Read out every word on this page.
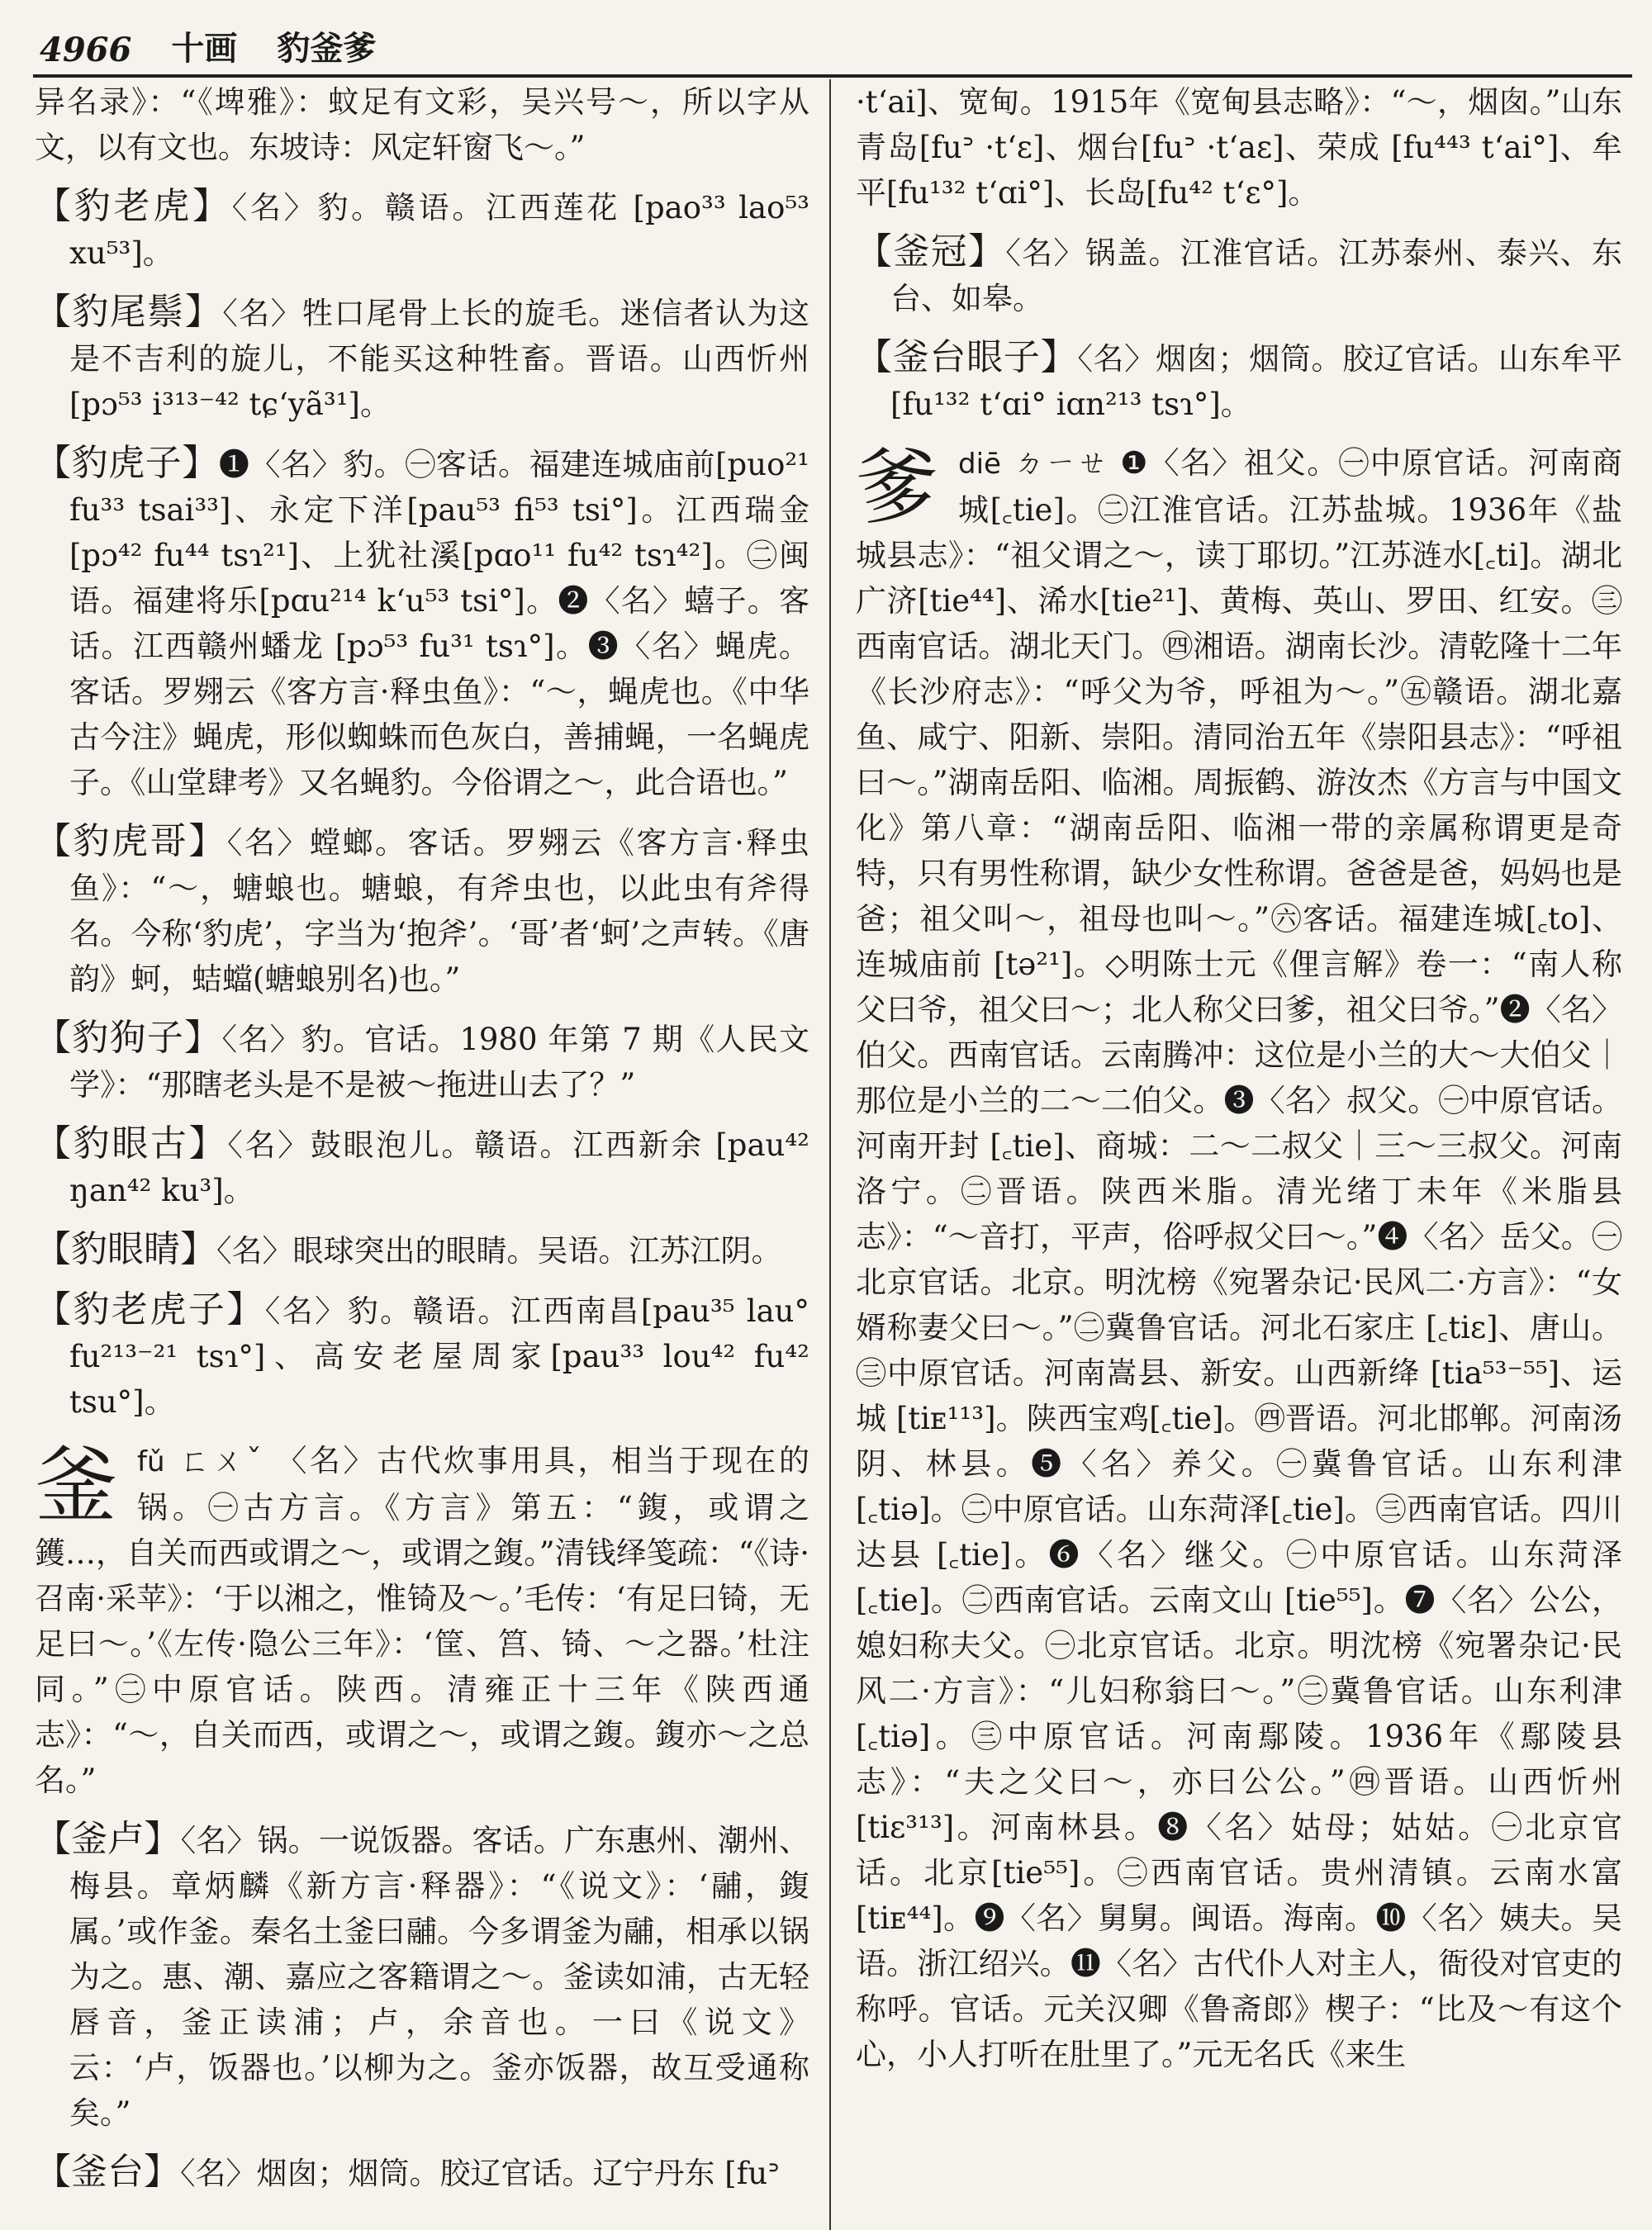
4966 十画 豹釜爹

异名录》：“《埤雅》：蚊足有文彩，吴兴号～，所以字从文，以有文也。东坡诗：风定轩窗飞～。”

【豹老虎】〈名〉豹。赣语。江西莲花 [pao³³ lao⁵³ xu⁵³]。

【豹尾鬃】〈名〉牲口尾骨上长的旋毛。迷信者认为这是不吉利的旋儿，不能买这种牲畜。晋语。山西忻州 [pɔ⁵³ i³¹³⁻⁴² tɕʻyã³¹]。

【豹虎子】❶〈名〉豹。㊀客话。福建连城庙前[puo²¹ fu³³ tsai³³]、永定下洋[pau⁵³ fi⁵³ tsi°]。江西瑞金[pɔ⁴² fu⁴⁴ tsɿ²¹]、上犹社溪[pɑo¹¹ fu⁴² tsɿ⁴²]。㊁闽语。福建将乐[pɑu²¹⁴ kʻu⁵³ tsi°]。❷〈名〉蟢子。客话。江西赣州蟠龙 [pɔ⁵³ fu³¹ tsɿ°]。❸〈名〉蝇虎。客话。罗翙云《客方言·释虫鱼》：“～，蝇虎也。《中华古今注》蝇虎，形似蜘蛛而色灰白，善捕蝇，一名蝇虎子。《山堂肆考》又名蝇豹。今俗谓之～，此合语也。”

【豹虎哥】〈名〉螳螂。客话。罗翙云《客方言·释虫鱼》：“～，螗蜋也。螗蜋，有斧虫也，以此虫有斧得名。今称‘豹虎’，字当为‘抱斧’。‘哥’者‘蚵’之声转。《唐韵》蚵，蛣蟷(螗蜋别名)也。”

【豹狗子】〈名〉豹。官话。1980 年第 7 期《人民文学》：“那瞎老头是不是被～拖进山去了？”

【豹眼古】〈名〉鼓眼泡儿。赣语。江西新余 [pau⁴² ŋan⁴² ku³]。

【豹眼睛】〈名〉眼球突出的眼睛。吴语。江苏江阴。

【豹老虎子】〈名〉豹。赣语。江西南昌[pau³⁵ lau° fu²¹³⁻²¹ tsɿ°]、高安老屋周家[pau³³ lou⁴² fu⁴² tsu°]。

釜 fǔ ㄈㄨˇ 〈名〉古代炊事用具，相当于现在的锅。㊀古方言。《方言》第五：“鍑，或谓之鑊…，自关而西或谓之～，或谓之鍑。”清钱绎笺疏：“《诗·召南·采苹》：‘于以湘之，惟锜及～。’毛传：‘有足曰锜，无足曰～。’《左传·隐公三年》：‘筐、筥、锜、～之器。’杜注同。”㊁中原官话。陕西。清雍正十三年《陕西通志》：“～，自关而西，或谓之～，或谓之鍑。鍑亦～之总名。”

【釜卢】〈名〉锅。一说饭器。客话。广东惠州、潮州、梅县。章炳麟《新方言·释器》：“《说文》：‘鬴，鍑属。’或作釜。秦名土釜曰鬴。今多谓釜为鬴，相承以锅为之。惠、潮、嘉应之客籍谓之～。釜读如浦，古无轻唇音，釜正读浦；卢，余音也。一曰《说文》云：‘卢，饭器也。’以柳为之。釜亦饭器，故互受通称矣。”

【釜台】〈名〉烟囱；烟筒。胶辽官话。辽宁丹东 [fuᐣ

·tʻai]、宽甸。1915年《宽甸县志略》：“～，烟囱。”山东青岛[fuᐣ ·tʻɛ]、烟台[fuᐣ ·tʻaɛ]、荣成 [fu⁴⁴³ tʻai°]、牟平[fu¹³² tʻɑi°]、长岛[fu⁴² tʻɛ°]。

【釜冠】〈名〉锅盖。江淮官话。江苏泰州、泰兴、东台、如皋。

【釜台眼子】〈名〉烟囱；烟筒。胶辽官话。山东牟平 [fu¹³² tʻɑi° iɑn²¹³ tsɿ°]。

爹 diē ㄉㄧㄝ ❶〈名〉祖父。㊀中原官话。河南商城[꜀tie]。㊁江淮官话。江苏盐城。1936年《盐城县志》：“祖父谓之～，读丁耶切。”江苏涟水[꜀ti]。湖北广济[tie⁴⁴]、浠水[tie²¹]、黄梅、英山、罗田、红安。㊂西南官话。湖北天门。㊃湘语。湖南长沙。清乾隆十二年《长沙府志》：“呼父为爷，呼祖为～。”㊄赣语。湖北嘉鱼、咸宁、阳新、崇阳。清同治五年《崇阳县志》：“呼祖曰～。”湖南岳阳、临湘。周振鹤、游汝杰《方言与中国文化》第八章：“湖南岳阳、临湘一带的亲属称谓更是奇特，只有男性称谓，缺少女性称谓。爸爸是爸，妈妈也是爸；祖父叫～，祖母也叫～。”㊅客话。福建连城[꜀to]、连城庙前 [tə²¹]。◇明陈士元《俚言解》卷一：“南人称父曰爷，祖父曰～；北人称父曰爹，祖父曰爷。”❷〈名〉伯父。西南官话。云南腾冲：这位是小兰的大～大伯父｜那位是小兰的二～二伯父。❸〈名〉叔父。㊀中原官话。河南开封 [꜀tie]、商城：二～二叔父｜三～三叔父。河南洛宁。㊁晋语。陕西米脂。清光绪丁未年《米脂县志》：“～音打，平声，俗呼叔父曰～。”❹〈名〉岳父。㊀北京官话。北京。明沈榜《宛署杂记·民风二·方言》：“女婿称妻父曰～。”㊁冀鲁官话。河北石家庄 [꜀tiɛ]、唐山。㊂中原官话。河南嵩县、新安。山西新绛 [tia⁵³⁻⁵⁵]、运城 [tiᴇ¹¹³]。陕西宝鸡[꜀tie]。㊃晋语。河北邯郸。河南汤阴、林县。❺〈名〉养父。㊀冀鲁官话。山东利津[꜀tiə]。㊁中原官话。山东菏泽[꜀tie]。㊂西南官话。四川达县 [꜀tie]。❻〈名〉继父。㊀中原官话。山东菏泽 [꜀tie]。㊁西南官话。云南文山 [tie⁵⁵]。❼〈名〉公公，媳妇称夫父。㊀北京官话。北京。明沈榜《宛署杂记·民风二·方言》：“儿妇称翁曰～。”㊁冀鲁官话。山东利津 [꜀tiə]。㊂中原官话。河南鄢陵。1936年《鄢陵县志》：“夫之父曰～，亦曰公公。”㊃晋语。山西忻州[tiɛ³¹³]。河南林县。❽〈名〉姑母；姑姑。㊀北京官话。北京[tie⁵⁵]。㊁西南官话。贵州清镇。云南水富[tiᴇ⁴⁴]。❾〈名〉舅舅。闽语。海南。❿〈名〉姨夫。吴语。浙江绍兴。⓫〈名〉古代仆人对主人，衙役对官吏的称呼。官话。元关汉卿《鲁斋郎》楔子：“比及～有这个心，小人打听在肚里了。”元无名氏《来生
